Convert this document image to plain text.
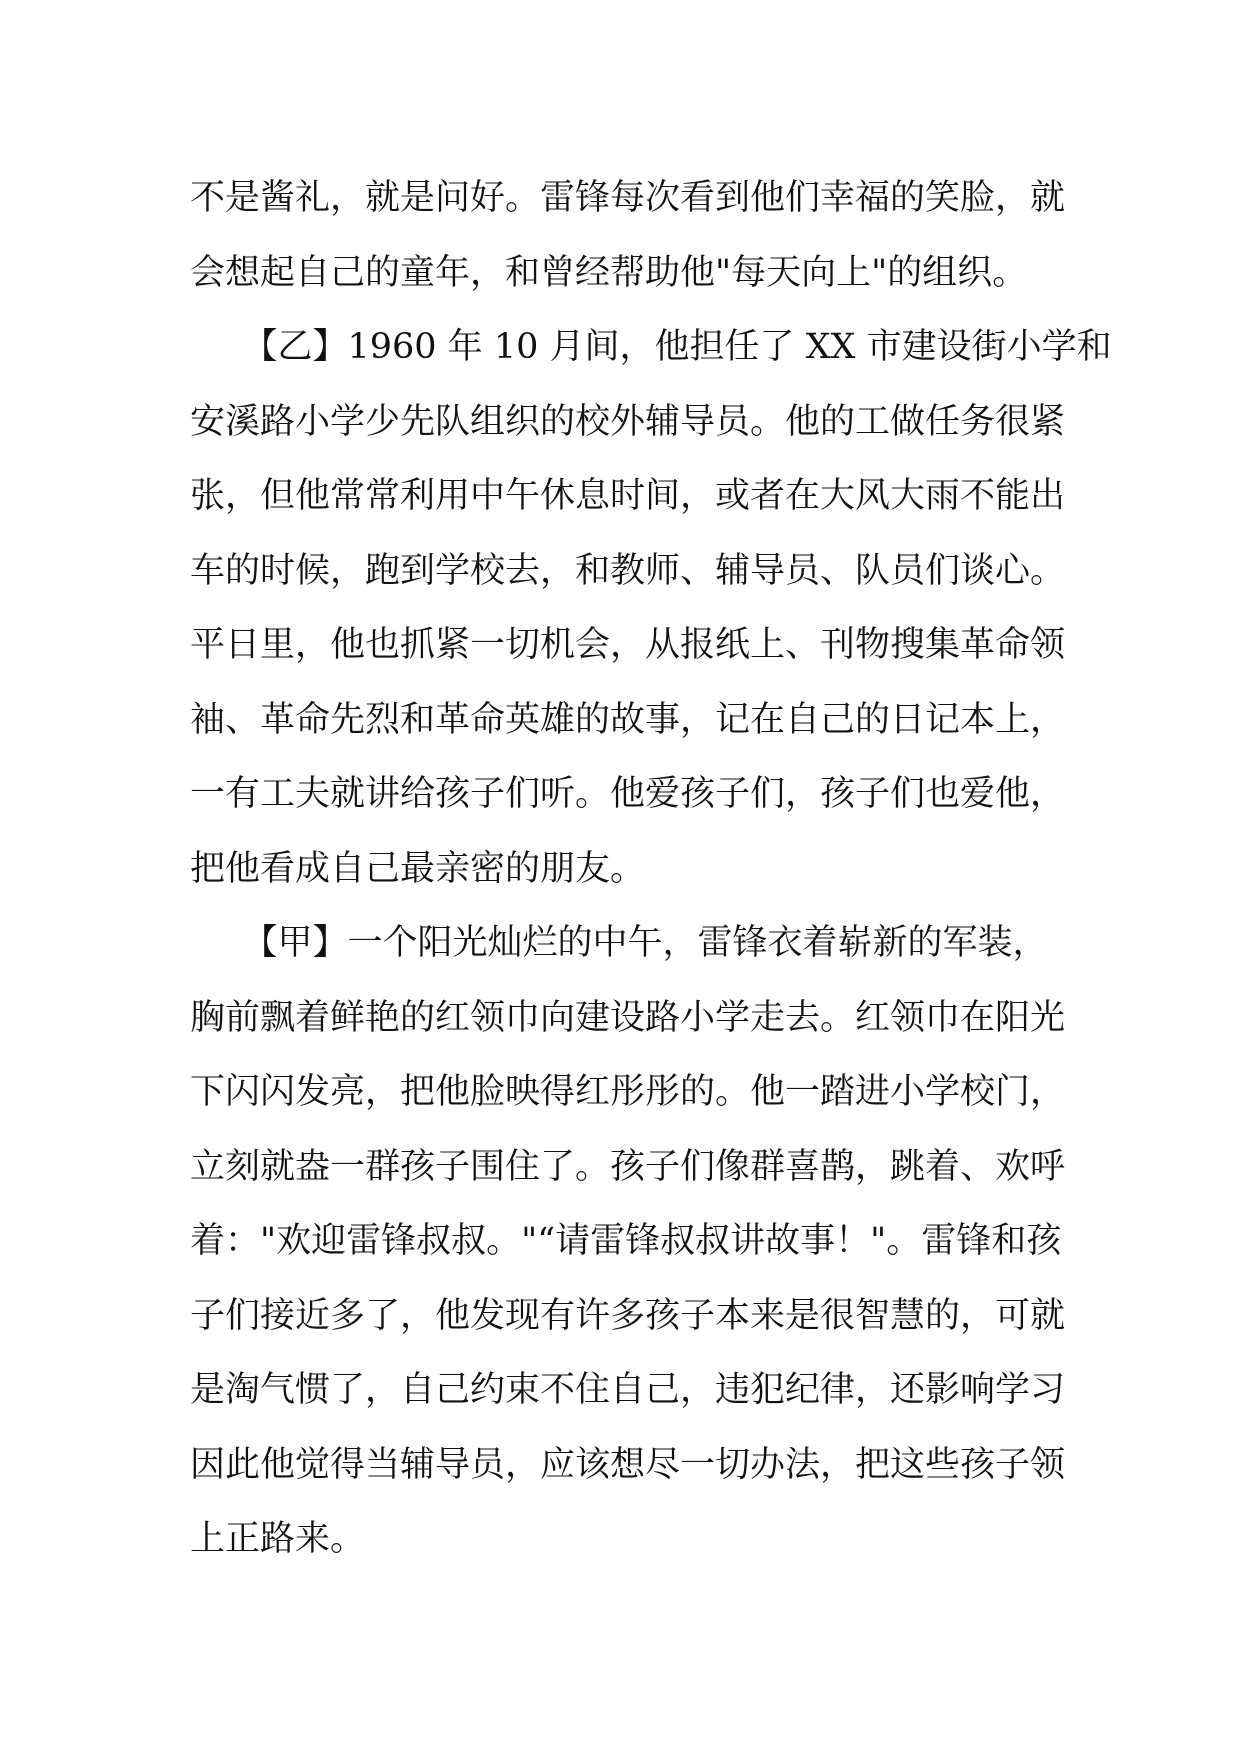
不是酱礼，就是问好。雷锋每次看到他们幸福的笑脸，就
会想起自己的童年，和曾经帮助他"每天向上"的组织。
　　【乙】1960 年 10 月间，他担任了 XX 市建设街小学和
安溪路小学少先队组织的校外辅导员。他的工做任务很紧
张，但他常常利用中午休息时间，或者在大风大雨不能出
车的时候，跑到学校去，和教师、辅导员、队员们谈心。
平日里，他也抓紧一切机会，从报纸上、刊物搜集革命领
袖、革命先烈和革命英雄的故事，记在自己的日记本上，
一有工夫就讲给孩子们听。他爱孩子们，孩子们也爱他，
把他看成自己最亲密的朋友。
　　【甲】一个阳光灿烂的中午，雷锋衣着崭新的军装，
胸前飘着鲜艳的红领巾向建设路小学走去。红领巾在阳光
下闪闪发亮，把他脸映得红彤彤的。他一踏进小学校门，
立刻就盎一群孩子围住了。孩子们像群喜鹊，跳着、欢呼
着："欢迎雷锋叔叔。"“请雷锋叔叔讲故事！"。雷锋和孩
子们接近多了，他发现有许多孩子本来是很智慧的，可就
是淘气惯了，自己约束不住自己，违犯纪律，还影响学习
因此他觉得当辅导员，应该想尽一切办法，把这些孩子领
上正路来。
